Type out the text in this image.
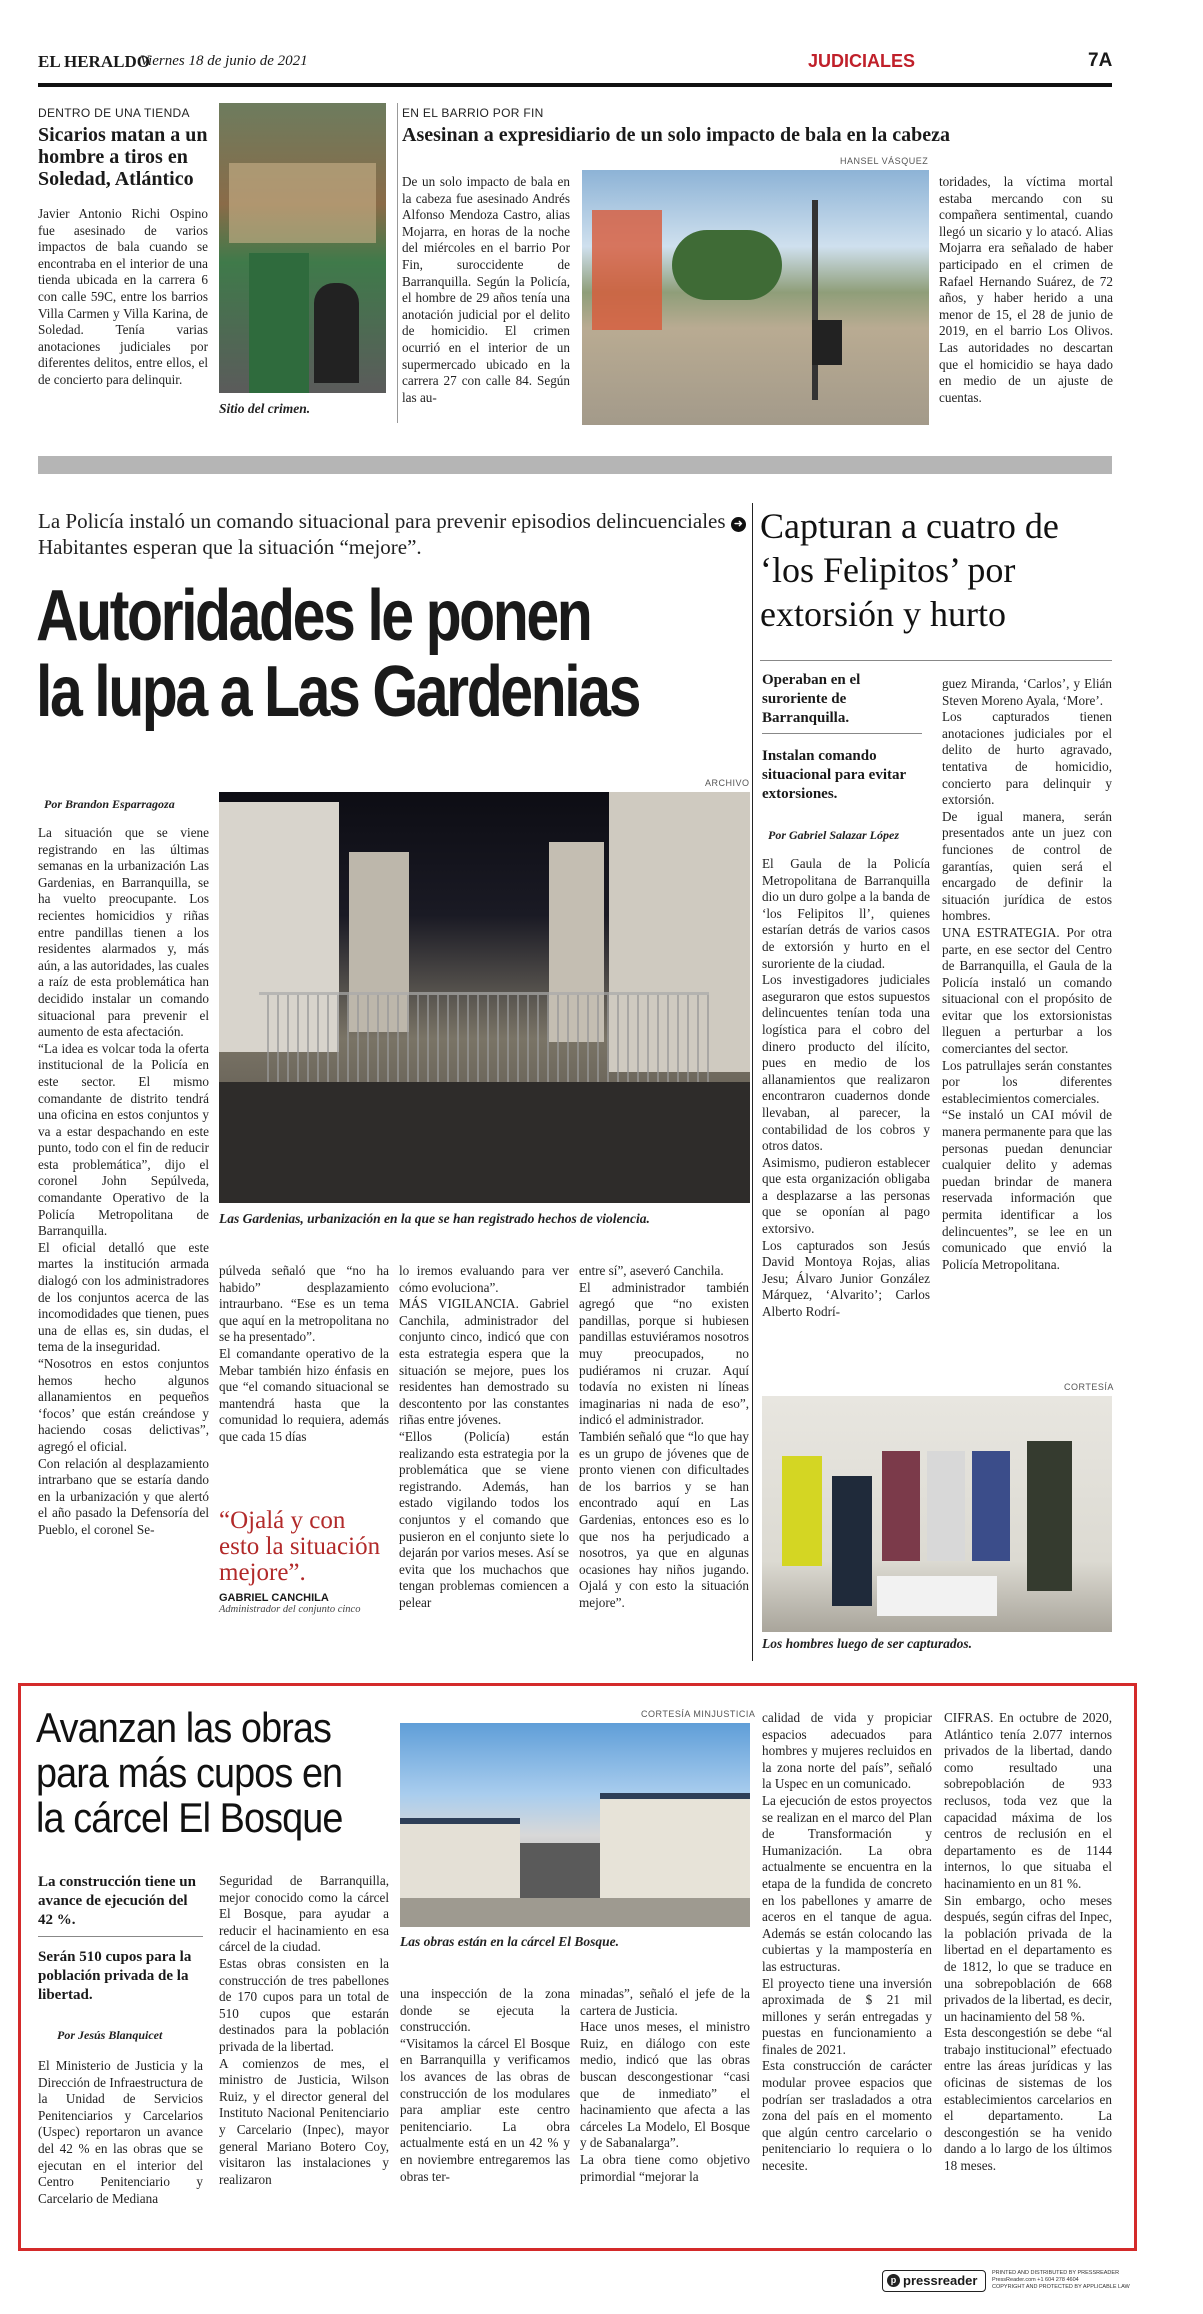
EL HERALDO
Viernes 18 de junio de 2021	JUDICIALES	7A
DENTRO DE UNA TIENDA
Sicarios matan a un hombre a tiros en Soledad, Atlántico
Javier Antonio Richi Ospino fue asesinado de varios impactos de bala cuando se encontraba en el interior de una tienda ubicada en la carrera 6 con calle 59C, entre los barrios Villa Carmen y Villa Karina, de Soledad. Tenía varias anotaciones judiciales por diferentes delitos, entre ellos, el de concierto para delinquir.
Sitio del crimen.
EN EL BARRIO POR FIN
Asesinan a expresidiario de un solo impacto de bala en la cabeza
HANSEL VÁSQUEZ
De un solo impacto de bala en la cabeza fue asesinado Andrés Alfonso Mendoza Castro, alias Mojarra, en horas de la noche del miércoles en el barrio Por Fin, suroccidente de Barranquilla. Según la Policía, el hombre de 29 años tenía una anotación judicial por el delito de homicidio. El crimen ocurrió en el interior de un supermercado ubicado en la carrera 27 con calle 84. Según las au-
toridades, la víctima mortal estaba mercando con su compañera sentimental, cuando llegó un sicario y lo atacó. Alias Mojarra era señalado de haber participado en el crimen de Rafael Hernando Suárez, de 72 años, y haber herido a una menor de 15, el 28 de junio de 2019, en el barrio Los Olivos. Las autoridades no descartan que el homicidio se haya dado en medio de un ajuste de cuentas.
La Policía instaló un comando situacional para prevenir episodios delincuenciales ➜ Habitantes esperan que la situación “mejore”.
Autoridades le ponen
la lupa a Las Gardenias
Por Brandon Esparragoza
ARCHIVO
Las Gardenias, urbanización en la que se han registrado hechos de violencia.
La situación que se viene registrando en las últimas semanas en la urbanización Las Gardenias, en Barranquilla, se ha vuelto preocupante. Los recientes homicidios y riñas entre pandillas tienen a los residentes alarmados y, más aún, a las autoridades, las cuales a raíz de esta problemática han decidido instalar un comando situacional para prevenir el aumento de esta afectación.
“La idea es volcar toda la oferta institucional de la Policía en este sector. El mismo comandante de distrito tendrá una oficina en estos conjuntos y va a estar despachando en este punto, todo con el fin de reducir esta problemática”, dijo el coronel John Sepúlveda, comandante Operativo de la Policía Metropolitana de Barranquilla.
El oficial detalló que este martes la institución armada dialogó con los administradores de los conjuntos acerca de las incomodidades que tienen, pues una de ellas es, sin dudas, el tema de la inseguridad.
“Nosotros en estos conjuntos hemos hecho algunos allanamientos en pequeños ‘focos’ que están creándose y haciendo cosas delictivas”, agregó el oficial.
Con relación al desplazamiento intrarbano que se estaría dando en la urbanización y que alertó el año pasado la Defensoría del Pueblo, el coronel Se-
púlveda señaló que “no ha habido” desplazamiento intraurbano. “Ese es un tema que aquí en la metropolitana no se ha presentado”.
El comandante operativo de la Mebar también hizo énfasis en que “el comando situacional se mantendrá hasta que la comunidad lo requiera, además que cada 15 días
“Ojalá y con esto la situación mejore”.
GABRIEL CANCHILA
Administrador del conjunto cinco
lo iremos evaluando para ver cómo evoluciona”.
MÁS VIGILANCIA. Gabriel Canchila, administrador del conjunto cinco, indicó que con esta estrategia espera que la situación se mejore, pues los residentes han demostrado su descontento por las constantes riñas entre jóvenes.
“Ellos (Policía) están realizando esta estrategia por la problemática que se viene registrando. Además, han estado vigilando todos los conjuntos y el comando que pusieron en el conjunto siete lo dejarán por varios meses. Así se evita que los muchachos que tengan problemas comiencen a pelear
entre sí”, aseveró Canchila.
El administrador también agregó que “no existen pandillas, porque si hubiesen pandillas estuviéramos nosotros muy preocupados, no pudiéramos ni cruzar. Aquí todavía no existen ni líneas imaginarias ni nada de eso”, indicó el administrador.
También señaló que “lo que hay es un grupo de jóvenes que de pronto vienen con dificultades de los barrios y se han encontrado aquí en Las Gardenias, entonces eso es lo que nos ha perjudicado a nosotros, ya que en algunas ocasiones hay niños jugando. Ojalá y con esto la situación mejore”.
Capturan a cuatro de ‘los Felipitos’ por extorsión y hurto
Operaban en el suroriente de Barranquilla.
Instalan comando situacional para evitar extorsiones.
Por Gabriel Salazar López
El Gaula de la Policía Metropolitana de Barranquilla dio un duro golpe a la banda de ‘los Felipitos ll’, quienes estarían detrás de varios casos de extorsión y hurto en el suroriente de la ciudad.
Los investigadores judiciales aseguraron que estos supuestos delincuentes tenían toda una logística para el cobro del dinero producto del ilícito, pues en medio de los allanamientos que realizaron encontraron cuadernos donde llevaban, al parecer, la contabilidad de los cobros y otros datos.
Asimismo, pudieron establecer que esta organización obligaba a desplazarse a las personas que se oponían al pago extorsivo.
Los capturados son Jesús David Montoya Rojas, alias Jesu; Álvaro Junior González Márquez, ‘Alvarito’; Carlos Alberto Rodrí-
guez Miranda, ‘Carlos’, y Elián Steven Moreno Ayala, ‘More’.
Los capturados tienen anotaciones judiciales por el delito de hurto agravado, tentativa de homicidio, concierto para delinquir y extorsión.
De igual manera, serán presentados ante un juez con funciones de control de garantías, quien será el encargado de definir la situación jurídica de estos hombres.
UNA ESTRATEGIA. Por otra parte, en ese sector del Centro de Barranquilla, el Gaula de la Policía instaló un comando situacional con el propósito de evitar que los extorsionistas lleguen a perturbar a los comerciantes del sector.
Los patrullajes serán constantes por los diferentes establecimientos comerciales.
“Se instaló un CAI móvil de manera permanente para que las personas puedan denunciar cualquier delito y ademas puedan brindar de manera reservada información que permita identificar a los delincuentes”, se lee en un comunicado que envió la Policía Metropolitana.
CORTESÍA
Los hombres luego de ser capturados.
Avanzan las obras para más cupos en la cárcel El Bosque
La construcción tiene un avance de ejecución del 42 %.
Serán 510 cupos para la población privada de la libertad.
Por Jesús Blanquicet
El Ministerio de Justicia y la Dirección de Infraestructura de la Unidad de Servicios Penitenciarios y Carcelarios (Uspec) reportaron un avance del 42 % en las obras que se ejecutan en el interior del Centro Penitenciario y Carcelario de Mediana
Seguridad de Barranquilla, mejor conocido como la cárcel El Bosque, para ayudar a reducir el hacinamiento en esa cárcel de la ciudad.
Estas obras consisten en la construcción de tres pabellones de 170 cupos para un total de 510 cupos que estarán destinados para la población privada de la libertad.
A comienzos de mes, el ministro de Justicia, Wilson Ruiz, y el director general del Instituto Nacional Penitenciario y Carcelario (Inpec), mayor general Mariano Botero Coy, visitaron las instalaciones y realizaron
CORTESÍA MINJUSTICIA
Las obras están en la cárcel El Bosque.
una inspección de la zona donde se ejecuta la construcción.
“Visitamos la cárcel El Bosque en Barranquilla y verificamos los avances de las obras de construcción de los modulares para ampliar este centro penitenciario. La obra actualmente está en un 42 % y en noviembre entregaremos las obras ter-
minadas”, señaló el jefe de la cartera de Justicia.
Hace unos meses, el ministro Ruiz, en diálogo con este medio, indicó que las obras buscan descongestionar “casi que de inmediato” el hacinamiento que afecta a las cárceles La Modelo, El Bosque y de Sabanalarga”.
La obra tiene como objetivo primordial “mejorar la
calidad de vida y propiciar espacios adecuados para hombres y mujeres recluidos en la zona norte del país”, señaló la Uspec en un comunicado.
La ejecución de estos proyectos se realizan en el marco del Plan de Transformación y Humanización. La obra actualmente se encuentra en la etapa de la fundida de concreto en los pabellones y amarre de aceros en el tanque de agua. Además se están colocando las cubiertas y la mampostería en las estructuras.
El proyecto tiene una inversión aproximada de $ 21 mil millones y serán entregadas y puestas en funcionamiento a finales de 2021.
Esta construcción de carácter modular provee espacios que podrían ser trasladados a otra zona del país en el momento que algún centro carcelario o penitenciario lo requiera o lo necesite.
CIFRAS. En octubre de 2020, Atlántico tenía 2.077 internos privados de la libertad, dando como resultado una sobrepoblación de 933 reclusos, toda vez que la capacidad máxima de los centros de reclusión en el departamento es de 1144 internos, lo que situaba el hacinamiento en un 81 %.
Sin embargo, ocho meses después, según cifras del Inpec, la población privada de la libertad en el departamento es de 1812, lo que se traduce en una sobrepoblación de 668 privados de la libertad, es decir, un hacinamiento del 58 %.
Esta descongestión se debe “al trabajo institucional” efectuado entre las áreas jurídicas y las oficinas de sistemas de los establecimientos carcelarios en el departamento. La descongestión se ha venido dando a lo largo de los últimos 18 meses.
p pressreader	PRINTED AND DISTRIBUTED BY PRESSREADER
PressReader.com +1 604 278 4604
COPYRIGHT AND PROTECTED BY APPLICABLE LAW
